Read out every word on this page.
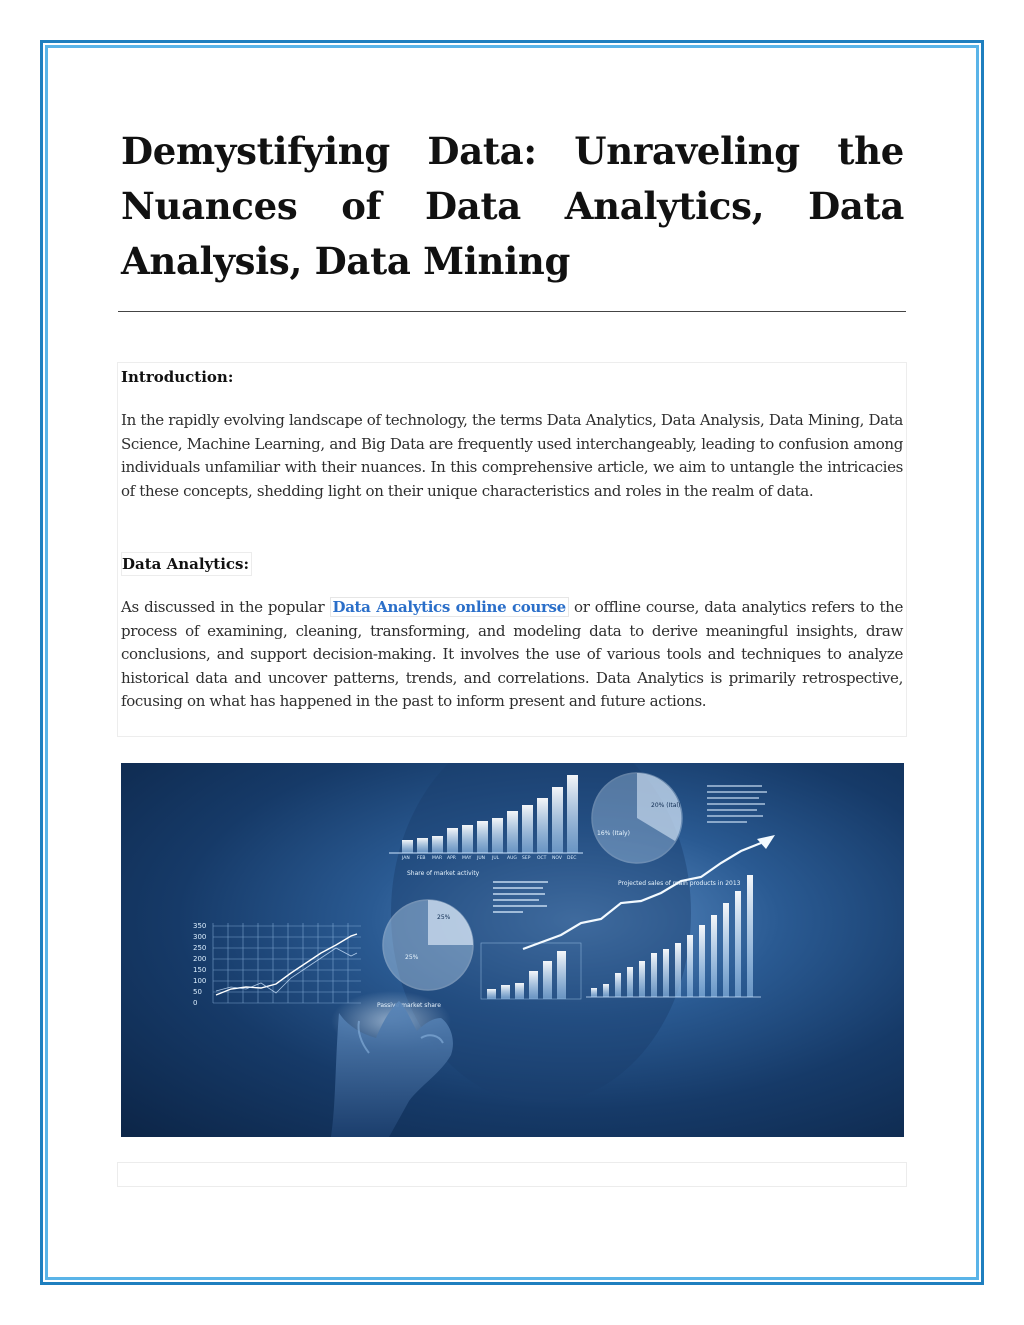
Demystifying Data: Unraveling the Nuances of Data Analytics, Data Analysis, Data Mining
Introduction:

In the rapidly evolving landscape of technology, the terms Data Analytics, Data Analysis, Data Mining, Data Science, Machine Learning, and Big Data are frequently used interchangeably, leading to confusion among individuals unfamiliar with their nuances. In this comprehensive article, we aim to untangle the intricacies of these concepts, shedding light on their unique characteristics and roles in the realm of data.

Data Analytics:

As discussed in the popular Data Analytics online course or offline course, data analytics refers to the process of examining, cleaning, transforming, and modeling data to derive meaningful insights, draw conclusions, and support decision-making. It involves the use of various tools and techniques to analyze historical data and uncover patterns, trends, and correlations. Data Analytics is primarily retrospective, focusing on what has happened in the past to inform present and future actions.

JAN FEB MAR APR MAY JUN JUL AUG SEP OCT NOV DEC
20% (Ital)
16% (Italy)
350
300
250
200
150
100
50
0
Share of market activity
25%
25%
Projected sales of main products in 2013
